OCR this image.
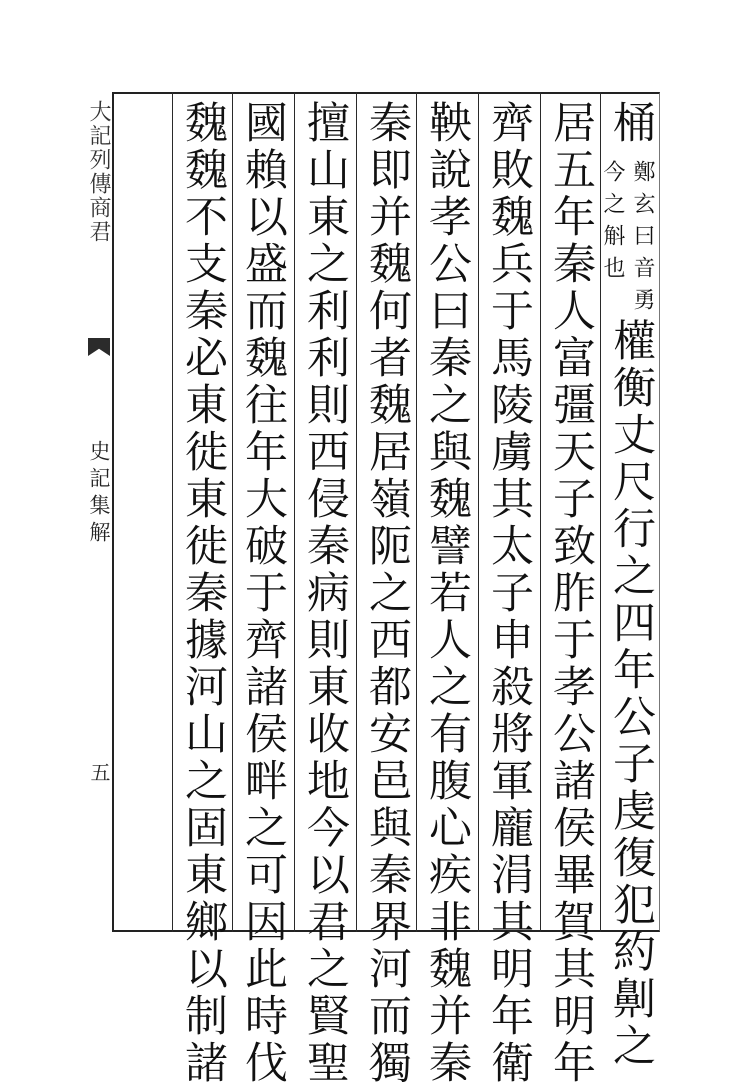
大記列傳商君
史記集解
五
桶
鄭玄曰音勇
今之斛也
權衡丈尺行之四年公子虔復犯約劓之
居五年秦人富彊天子致胙于孝公諸侯畢賀其明年
齊敗魏兵于馬陵虜其太子申殺將軍龐涓其明年衛
鞅說孝公曰秦之與魏譬若人之有腹心疾非魏并秦
秦即并魏何者魏居嶺阨之西都安邑與秦界河而獨
擅山東之利利則西侵秦病則東收地今以君之賢聖
國賴以盛而魏往年大破于齊諸侯畔之可因此時伐
魏魏不支秦必東徙東徙秦據河山之固東鄉以制諸
